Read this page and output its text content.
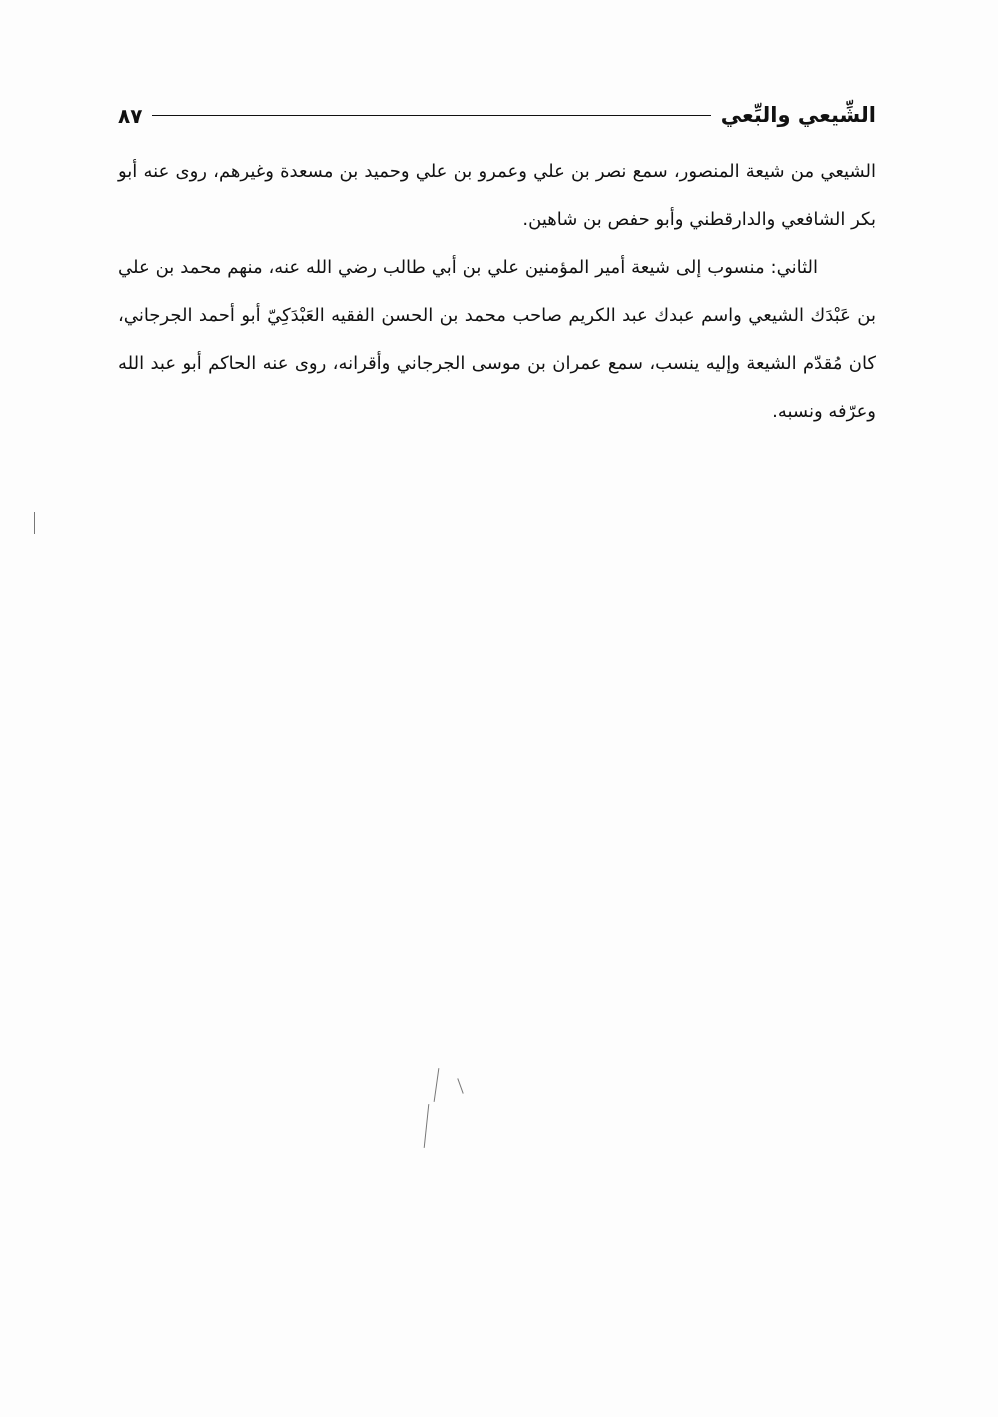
الشِّيعي والبِّعي
٨٧

الشيعي من شيعة المنصور، سمع نصر بن علي وعمرو بن علي وحميد بن مسعدة وغيرهم، روى عنه أبو بكر الشافعي والدارقطني وأبو حفص بن شاهين.

الثاني: منسوب إلى شيعة أمير المؤمنين علي بن أبي طالب رضي الله عنه، منهم محمد بن علي بن عَبْدَك الشيعي واسم عبدك عبد الكريم صاحب محمد بن الحسن الفقيه العَبْدَكِيّ أبو أحمد الجرجاني، كان مُقدّم الشيعة وإليه ينسب، سمع عمران بن موسى الجرجاني وأقرانه، روى عنه الحاكم أبو عبد الله وعرّفه ونسبه.
